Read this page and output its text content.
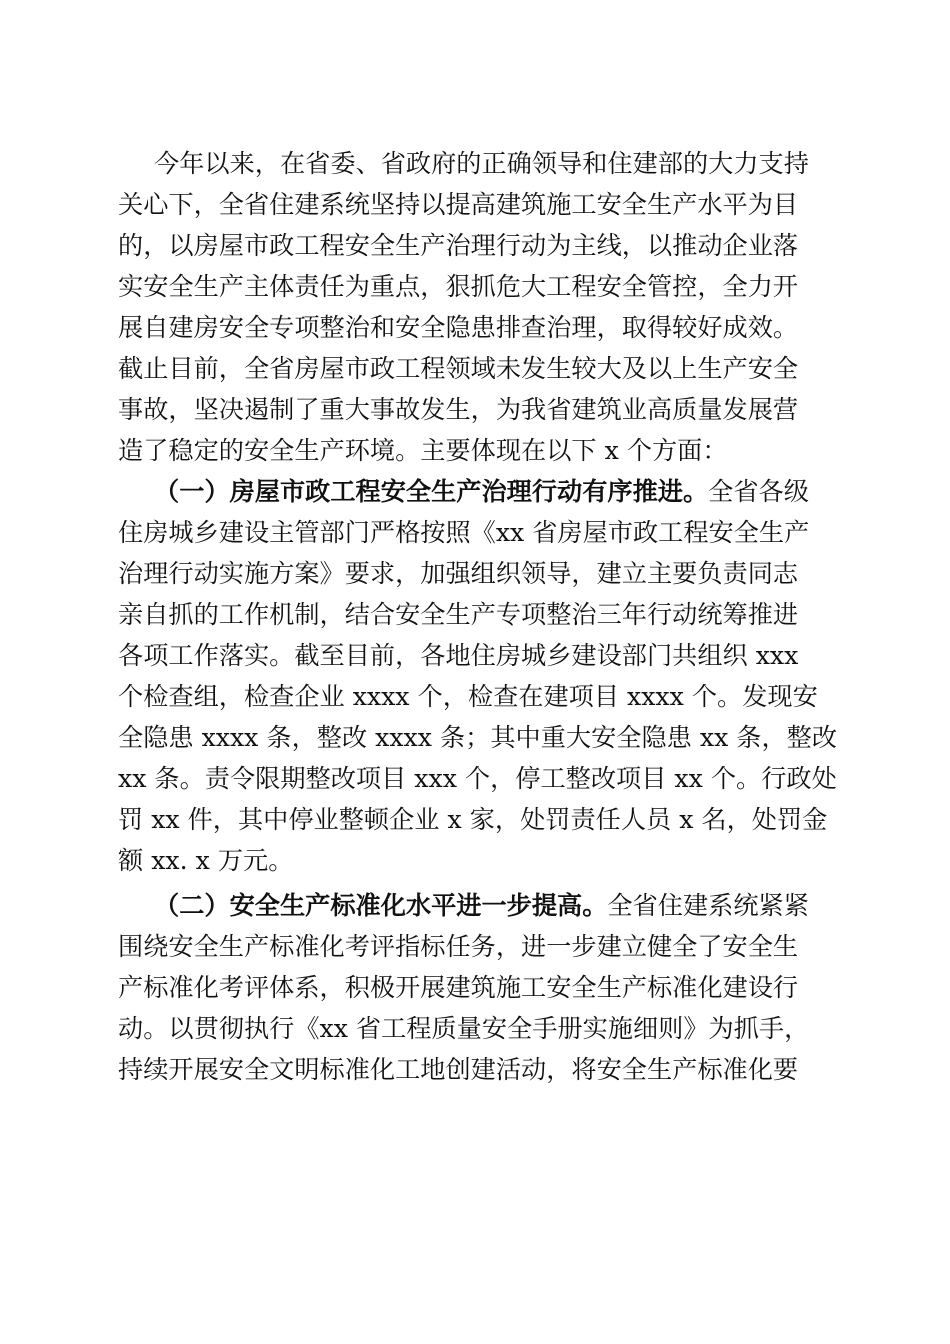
今年以来，在省委、省政府的正确领导和住建部的大力支持
关心下，全省住建系统坚持以提高建筑施工安全生产水平为目
的，以房屋市政工程安全生产治理行动为主线，以推动企业落
实安全生产主体责任为重点，狠抓危大工程安全管控，全力开
展自建房安全专项整治和安全隐患排查治理，取得较好成效。
截止目前，全省房屋市政工程领域未发生较大及以上生产安全
事故，坚决遏制了重大事故发生，为我省建筑业高质量发展营
造了稳定的安全生产环境。主要体现在以下 x 个方面：
（一）房屋市政工程安全生产治理行动有序推进。全省各级
住房城乡建设主管部门严格按照《xx 省房屋市政工程安全生产
治理行动实施方案》要求，加强组织领导，建立主要负责同志
亲自抓的工作机制，结合安全生产专项整治三年行动统筹推进
各项工作落实。截至目前，各地住房城乡建设部门共组织 xxx
个检查组，检查企业 xxxx 个，检查在建项目 xxxx 个。发现安
全隐患 xxxx 条，整改 xxxx 条；其中重大安全隐患 xx 条，整改
xx 条。责令限期整改项目 xxx 个，停工整改项目 xx 个。行政处
罚 xx 件，其中停业整顿企业 x 家，处罚责任人员 x 名，处罚金
额 xx. x 万元。
（二）安全生产标准化水平进一步提高。全省住建系统紧紧
围绕安全生产标准化考评指标任务，进一步建立健全了安全生
产标准化考评体系，积极开展建筑施工安全生产标准化建设行
动。以贯彻执行《xx 省工程质量安全手册实施细则》为抓手，
持续开展安全文明标准化工地创建活动，将安全生产标准化要
